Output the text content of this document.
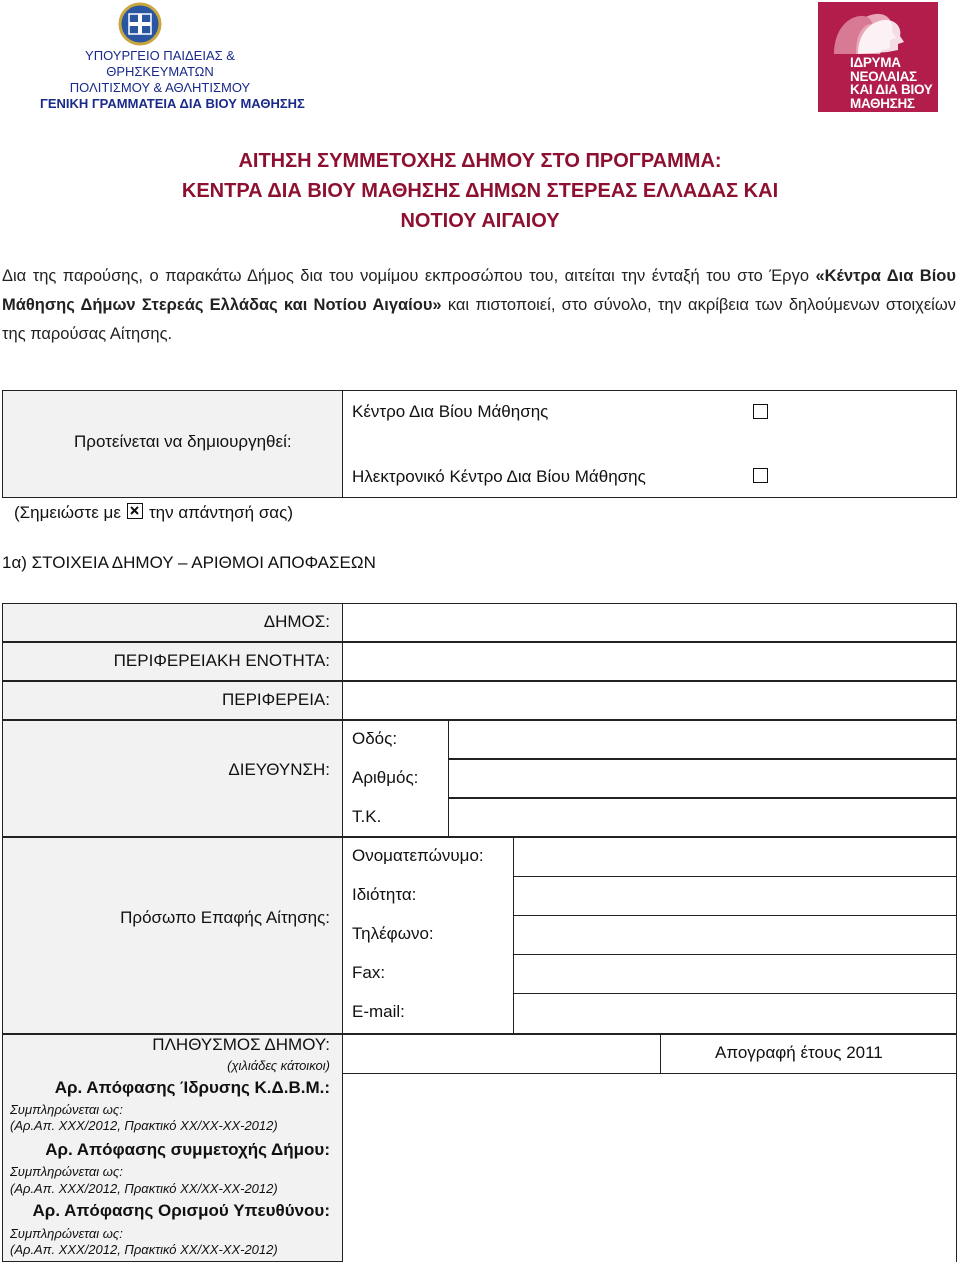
ΥΠΟΥΡΓΕΙΟ ΠΑΙΔΕΙΑΣ &
ΘΡΗΣΚΕΥΜΑΤΩΝ
ΠΟΛΙΤΙΣΜΟΥ & ΑΘΛΗΤΙΣΜΟΥ
ΓΕΝΙΚΗ ΓΡΑΜΜΑΤΕΙΑ ΔΙΑ ΒΙΟΥ ΜΑΘΗΣΗΣ
ΙΔΡΥΜΑ
ΝΕΟΛΑΙΑΣ
ΚΑΙ ΔΙΑ ΒΙΟΥ
ΜΑΘΗΣΗΣ
ΑΙΤΗΣΗ ΣΥΜΜΕΤΟΧΗΣ ΔΗΜΟΥ ΣΤΟ ΠΡΟΓΡΑΜΜΑ:
ΚΕΝΤΡΑ ΔΙΑ ΒΙΟΥ ΜΑΘΗΣΗΣ ΔΗΜΩΝ ΣΤΕΡΕΑΣ ΕΛΛΑΔΑΣ ΚΑΙ
ΝΟΤΙΟΥ ΑΙΓΑΙΟΥ
Δια της παρούσης, ο παρακάτω Δήμος δια του νομίμου εκπροσώπου του, αιτείται την ένταξή του στο Έργο «Κέντρα Δια Βίου Μάθησης Δήμων Στερεάς Ελλάδας και Νοτίου Αιγαίου» και πιστοποιεί, στο σύνολο, την ακρίβεια των δηλούμενων στοιχείων της παρούσας Αίτησης.
Προτείνεται να δημιουργηθεί:
Κέντρο Δια Βίου Μάθησης
Ηλεκτρονικό Κέντρο Δια Βίου Μάθησης
(Σημειώστε με την απάντησή σας)
1α) ΣΤΟΙΧΕΙΑ ΔΗΜΟΥ – ΑΡΙΘΜΟΙ ΑΠΟΦΑΣΕΩΝ
ΔΗΜΟΣ:
ΠΕΡΙΦΕΡΕΙΑΚΗ ΕΝΟΤΗΤΑ:
ΠΕΡΙΦΕΡΕΙΑ:
ΔΙΕΥΘΥΝΣΗ:
Πρόσωπο Επαφής Αίτησης:
ΠΛΗΘΥΣΜΟΣ ΔΗΜΟΥ:
(χιλιάδες κάτοικοι)
Αρ. Απόφασης Ίδρυσης Κ.Δ.Β.Μ.:
Συμπληρώνεται ως:
(Αρ.Απ. ΧΧΧ/2012, Πρακτικό ΧΧ/ΧΧ-ΧΧ-2012)
Αρ. Απόφασης συμμετοχής Δήμου:
Συμπληρώνεται ως:
(Αρ.Απ. ΧΧΧ/2012, Πρακτικό ΧΧ/ΧΧ-ΧΧ-2012)
Αρ. Απόφασης Ορισμού Υπευθύνου:
Συμπληρώνεται ως:
(Αρ.Απ. ΧΧΧ/2012, Πρακτικό ΧΧ/ΧΧ-ΧΧ-2012)
Οδός:
Αριθμός:
Τ.Κ.
Ονοματεπώνυμο:
Ιδιότητα:
Τηλέφωνο:
Fax:
E-mail:
Απογραφή έτους 2011
